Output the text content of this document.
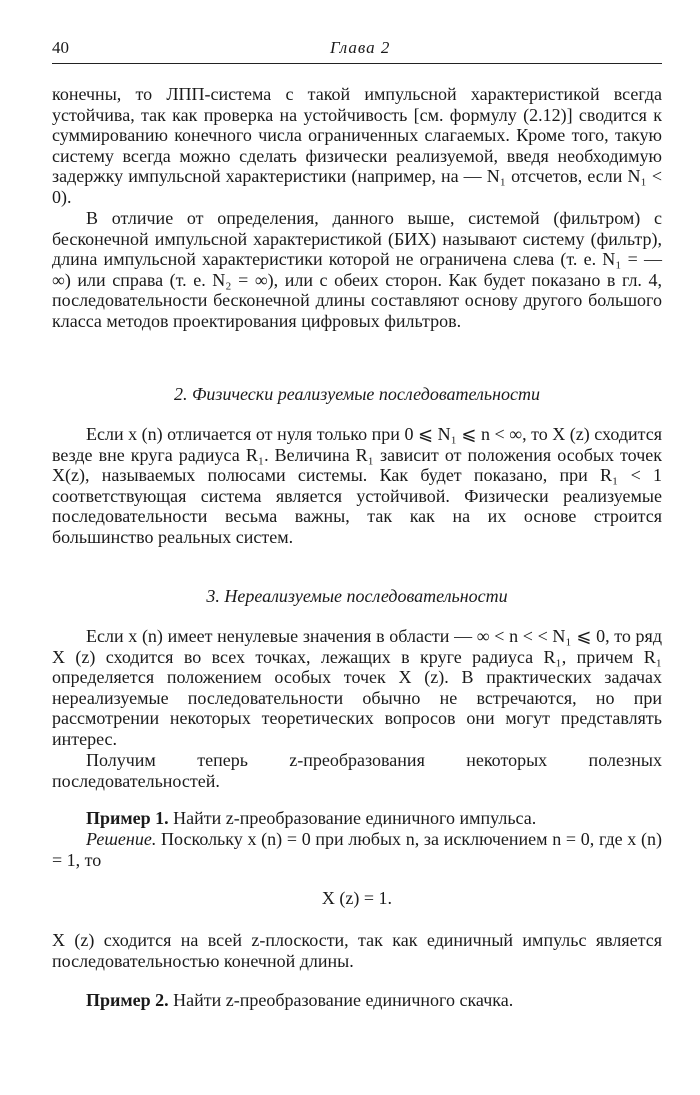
40	Глава 2

конечны, то ЛПП-система с такой импульсной характеристикой всегда устойчива, так как проверка на устойчивость [см. формулу (2.12)] сводится к суммированию конечного числа ограниченных слагаемых. Кроме того, такую систему всегда можно сделать физически реализуемой, введя необходимую задержку импульсной характеристики (например, на — N₁ отсчетов, если N₁ < 0).

В отличие от определения, данного выше, системой (фильтром) с бесконечной импульсной характеристикой (БИХ) называют систему (фильтр), длина импульсной характеристики которой не ограничена слева (т. е. N₁ = — ∞) или справа (т. е. N₂ = ∞), или с обеих сторон. Как будет показано в гл. 4, последовательности бесконечной длины составляют основу другого большого класса методов проектирования цифровых фильтров.

2. Физически реализуемые последовательности

Если x (n) отличается от нуля только при 0 ⩽ N₁ ⩽ n < ∞, то X (z) сходится везде вне круга радиуса R₁. Величина R₁ зависит от положения особых точек X(z), называемых полюсами системы. Как будет показано, при R₁ < 1 соответствующая система является устойчивой. Физически реализуемые последовательности весьма важны, так как на их основе строится большинство реальных систем.

3. Нереализуемые последовательности

Если x (n) имеет ненулевые значения в области — ∞ < n < < N₁ ⩽ 0, то ряд X (z) сходится во всех точках, лежащих в круге радиуса R₁, причем R₁ определяется положением особых точек X (z). В практических задачах нереализуемые последовательности обычно не встречаются, но при рассмотрении некоторых теоретических вопросов они могут представлять интерес.

Получим теперь z-преобразования некоторых полезных последовательностей.

Пример 1. Найти z-преобразование единичного импульса.

Решение. Поскольку x (n) = 0 при любых n, за исключением n = 0, где x (n) = 1, то

X (z) = 1.

X (z) сходится на всей z-плоскости, так как единичный импульс является последовательностью конечной длины.

Пример 2. Найти z-преобразование единичного скачка.
